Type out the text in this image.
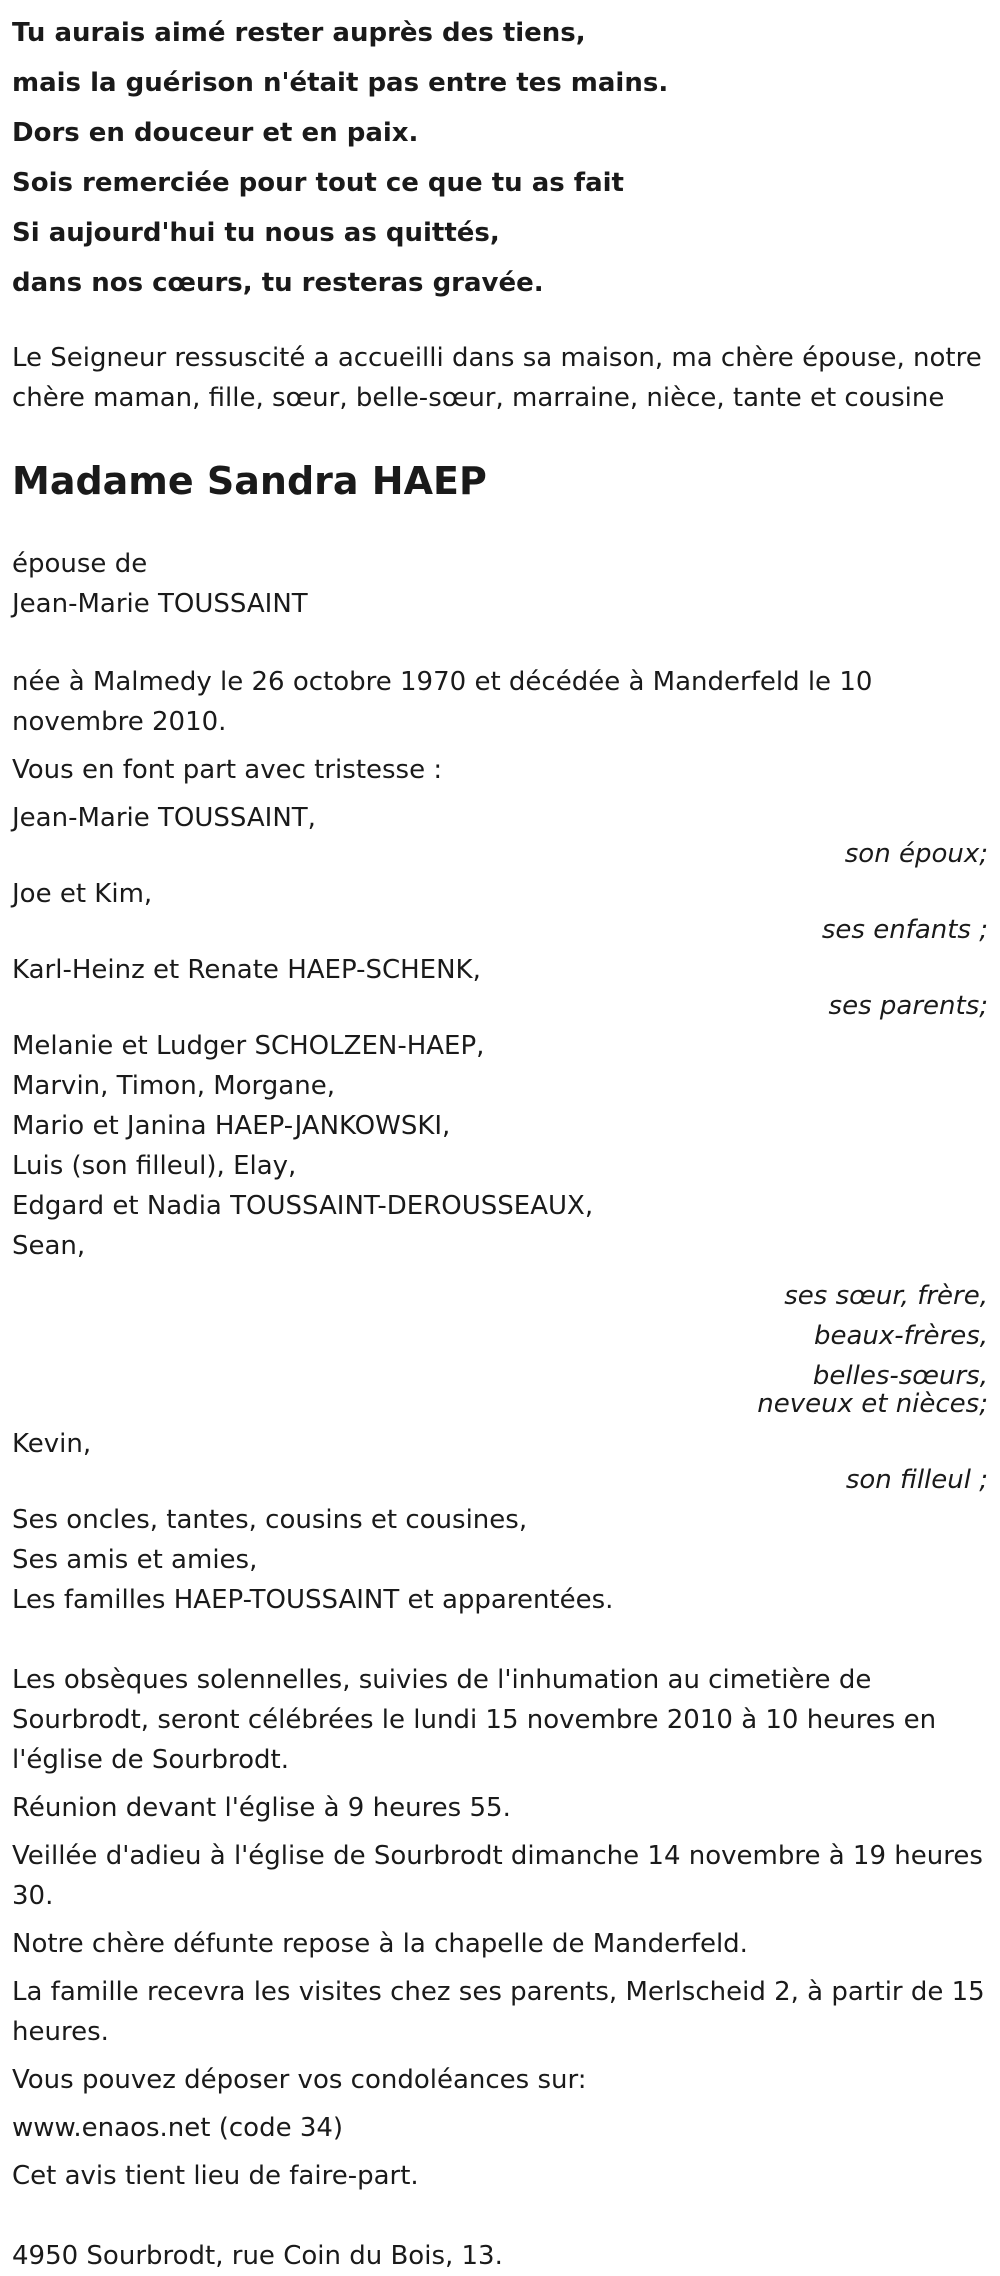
Tu aurais aimé rester auprès des tiens,
mais la guérison n'était pas entre tes mains.
Dors en douceur et en paix.
Sois remerciée pour tout ce que tu as fait
Si aujourd'hui tu nous as quittés,
dans nos cœurs, tu resteras gravée.
Le Seigneur ressuscité a accueilli dans sa maison, ma chère épouse, notre chère maman, fille, sœur, belle-sœur, marraine, nièce, tante et cousine
Madame Sandra HAEP
épouse de
Jean-Marie TOUSSAINT
née à Malmedy le 26 octobre 1970 et décédée à Manderfeld le 10 novembre 2010.
Vous en font part avec tristesse :
Jean-Marie TOUSSAINT,
son époux;
Joe et Kim,
ses enfants ;
Karl-Heinz et Renate HAEP-SCHENK,
ses parents;
Melanie et Ludger SCHOLZEN-HAEP,
Marvin, Timon, Morgane,
Mario et Janina HAEP-JANKOWSKI,
Luis (son filleul), Elay,
Edgard et Nadia TOUSSAINT-DEROUSSEAUX,
Sean,
ses sœur, frère,
beaux-frères, belles-sœurs,
neveux et nièces;
Kevin,
son filleul ;
Ses oncles, tantes, cousins et cousines,
Ses amis et amies,
Les familles HAEP-TOUSSAINT et apparentées.
Les obsèques solennelles, suivies de l'inhumation au cimetière de Sourbrodt, seront célébrées le lundi 15 novembre 2010 à 10 heures en l'église de Sourbrodt.
Réunion devant l'église à 9 heures 55.
Veillée d'adieu à l'église de Sourbrodt dimanche 14 novembre à 19 heures 30.
Notre chère défunte repose à la chapelle de Manderfeld.
La famille recevra les visites chez ses parents, Merlscheid 2, à partir de 15 heures.
Vous pouvez déposer vos condoléances sur:
www.enaos.net (code 34)
Cet avis tient lieu de faire-part.
4950 Sourbrodt, rue Coin du Bois, 13.
